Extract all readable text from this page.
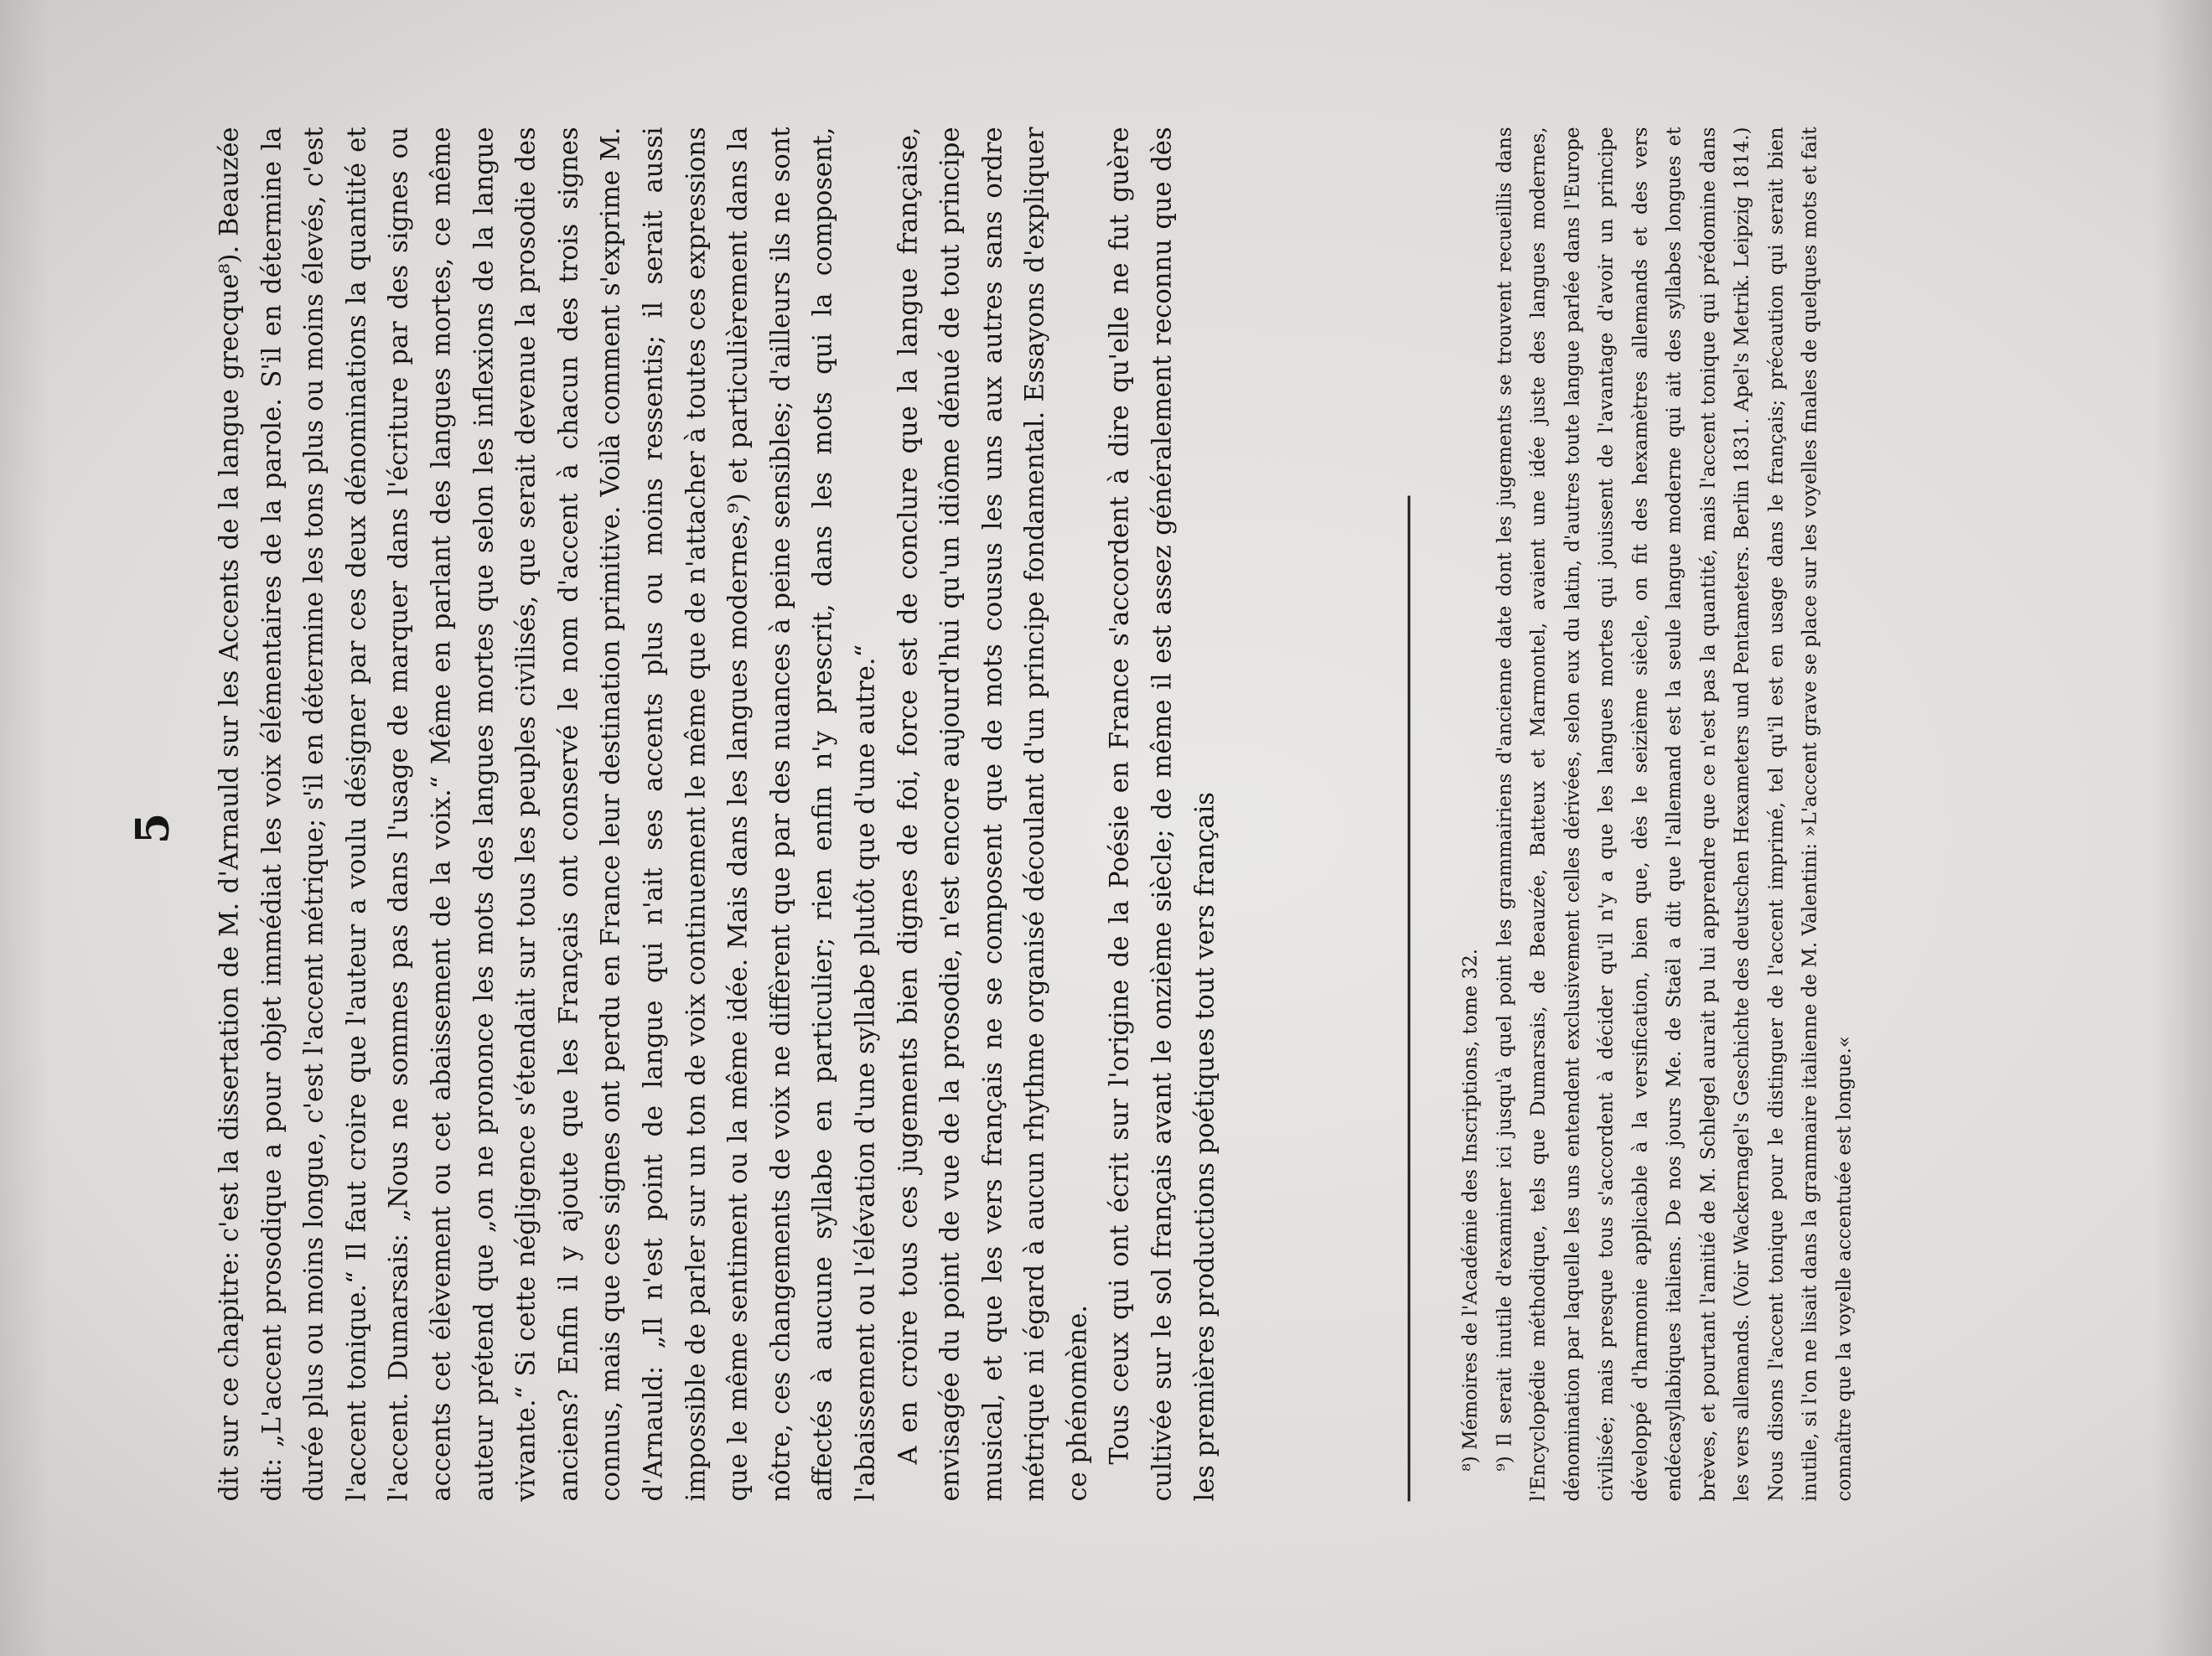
5 dit sur ce chapitre: c'est la dissertation de M. d'Arnauld sur les Accents de la langue grecque⁸). Beauzée dit: „L'accent prosodique a pour objet immédiat les voix élémentaires de la parole. S'il en détermine la durée plus ou moins longue, c'est l'accent métrique; s'il en détermine les tons plus ou moins élevés, c'est l'accent tonique.“ Il faut croire que l'auteur a voulu désigner par ces deux dénominations la quantité et l'accent. Dumarsais: „Nous ne sommes pas dans l'usage de marquer dans l'écriture par des signes ou accents cet élèvement ou cet abaissement de la voix.“ Même en parlant des langues mortes, ce même auteur prétend que „on ne prononce les mots des langues mortes que selon les inflexions de la langue vivante.“ Si cette négligence s'étendait sur tous les peuples civilisés, que serait devenue la prosodie des anciens? Enfin il y ajoute que les Français ont conservé le nom d'accent à chacun des trois signes connus, mais que ces signes ont perdu en France leur destination primitive. Voilà comment s'exprime M. d'Arnauld: „Il n'est point de langue qui n'ait ses accents plus ou moins ressentis; il serait aussi impossible de parler sur un ton de voix continuement le même que de n'attacher à toutes ces expressions que le même sentiment ou la même idée. Mais dans les langues modernes,⁹) et particulièrement dans la nôtre, ces changements de voix ne diffèrent que par des nuances à peine sensibles; d'ailleurs ils ne sont affectés à aucune syllabe en particulier; rien enfin n'y prescrit, dans les mots qui la composent, l'abaissement ou l'élévation d'une syllabe plutôt que d'une autre.“ A en croire tous ces jugements bien dignes de foi, force est de conclure que la langue française, envisagée du point de vue de la prosodie, n'est encore aujourd'hui qu'un idiôme dénué de tout principe musical, et que les vers français ne se composent que de mots cousus les uns aux autres sans ordre métrique ni égard à aucun rhythme organisé découlant d'un principe fondamental. Essayons d'expliquer ce phénomène. Tous ceux qui ont écrit sur l'origine de la Poésie en France s'accordent à dire qu'elle ne fut guère cultivée sur le sol français avant le onzième siècle; de même il est assez généralement reconnu que dès les premières productions poétiques tout vers français	⁸) Mémoires de l'Académie des Inscriptions, tome 32. ⁹) Il serait inutile d'examiner ici jusqu'à quel point les grammairiens d'ancienne date dont les jugements se trouvent recueillis dans l'Encyclopédie méthodique, tels que Dumarsais, de Beauzée, Batteux et Marmontel, avaient une idée juste des langues modernes, dénomination par laquelle les uns entendent exclusivement celles dérivées, selon eux du latin, d'autres toute langue parlée dans l'Europe civilisée; mais presque tous s'accordent à décider qu'il n'y a que les langues mortes qui jouissent de l'avantage d'avoir un principe développé d'harmonie applicable à la versification, bien que, dès le seizième siècle, on fit des hexamètres allemands et des vers endécasyllabiques italiens. De nos jours Me. de Staël a dit que l'allemand est la seule langue moderne qui ait des syllabes longues et brèves, et pourtant l'amitié de M. Schlegel aurait pu lui apprendre que ce n'est pas la quantité, mais l'accent tonique qui prédomine dans les vers allemands. (Voir Wackernagel's Geschichte des deutschen Hexameters und Pentameters. Berlin 1831. Apel's Metrik. Leipzig 1814.) Nous disons l'accent tonique pour le distinguer de l'accent imprimé, tel qu'il est en usage dans le français; précaution qui serait bien inutile, si l'on ne lisait dans la grammaire italienne de M. Valentini: »L'accent grave se place sur les voyelles finales de quelques mots et fait connaître que la voyelle accentuée est longue.«
